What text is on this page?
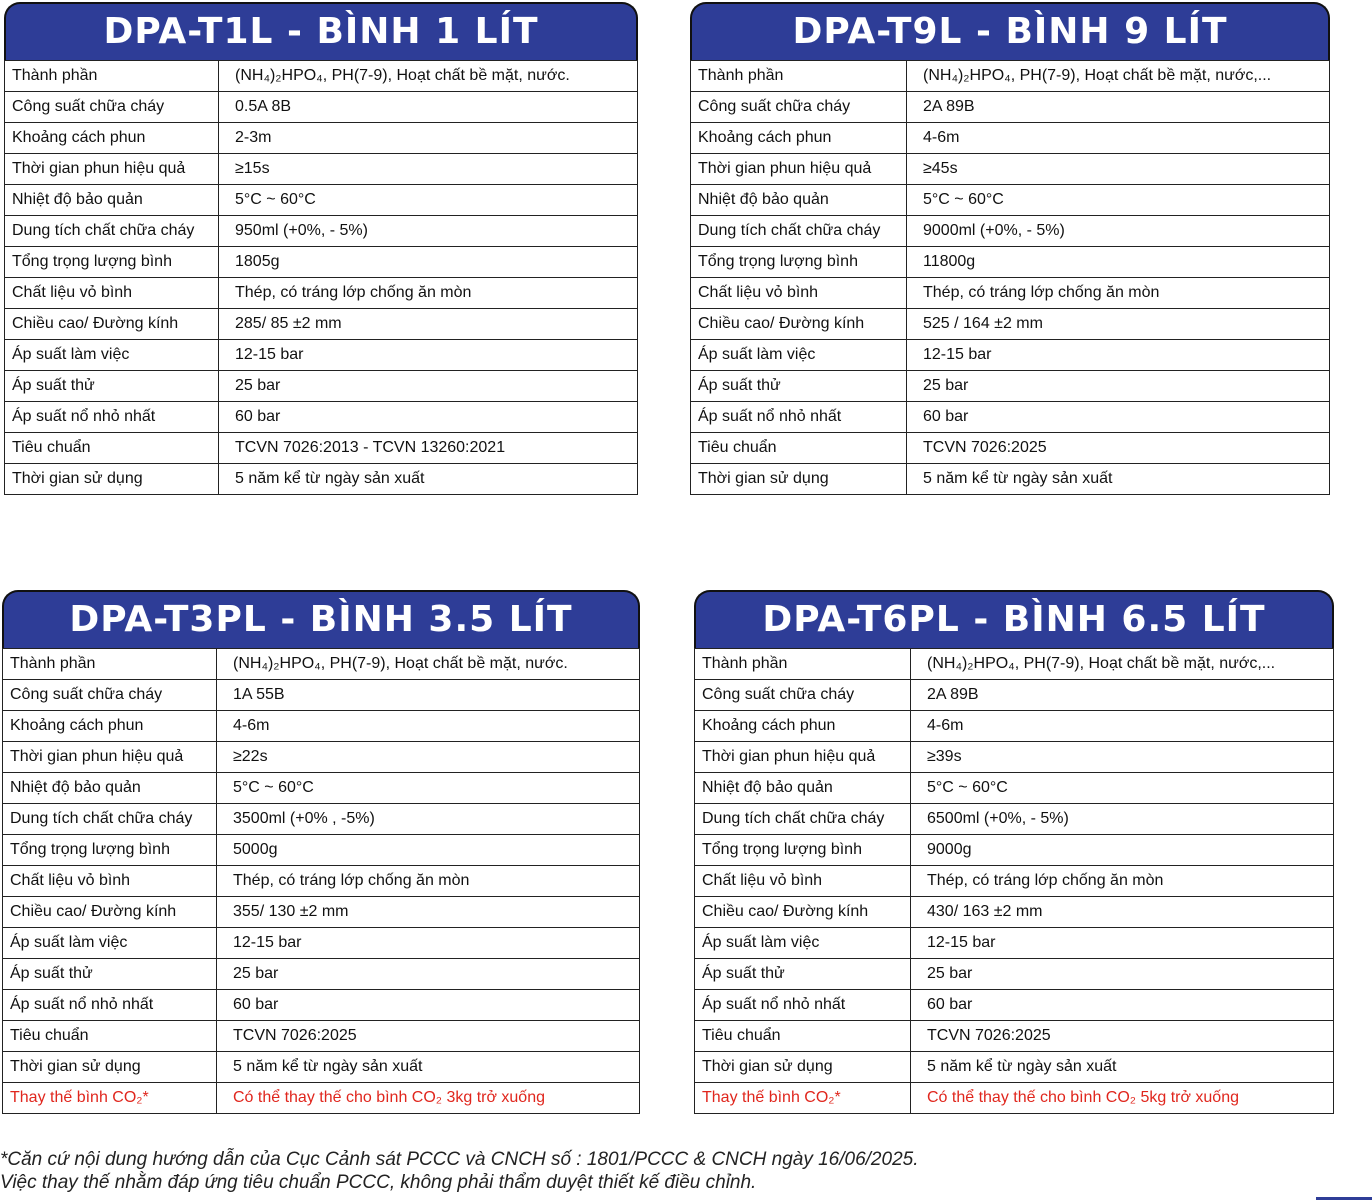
DPA-T1L - BÌNH 1 LÍT
Thành phần	(NH₄)₂HPO₄, PH(7-9), Hoạt chất bề mặt, nước.
Công suất chữa cháy	0.5A 8B
Khoảng cách phun	2-3m
Thời gian phun hiệu quả	≥15s
Nhiệt độ bảo quản	5°C ~ 60°C
Dung tích chất chữa cháy	950ml (+0%, - 5%)
Tổng trọng lượng bình	1805g
Chất liệu vỏ bình	Thép, có tráng lớp chống ăn mòn
Chiều cao/ Đường kính	285/ 85 ±2 mm
Áp suất làm việc	12-15 bar
Áp suất thử	25 bar
Áp suất nổ nhỏ nhất	60 bar
Tiêu chuẩn	TCVN 7026:2013 - TCVN 13260:2021
Thời gian sử dụng	5 năm kể từ ngày sản xuất
DPA-T9L - BÌNH 9 LÍT
Thành phần	(NH₄)₂HPO₄, PH(7-9), Hoạt chất bề mặt, nước,...
Công suất chữa cháy	2A 89B
Khoảng cách phun	4-6m
Thời gian phun hiệu quả	≥45s
Nhiệt độ bảo quản	5°C ~ 60°C
Dung tích chất chữa cháy	9000ml (+0%, - 5%)
Tổng trọng lượng bình	11800g
Chất liệu vỏ bình	Thép, có tráng lớp chống ăn mòn
Chiều cao/ Đường kính	525 / 164 ±2 mm
Áp suất làm việc	12-15 bar
Áp suất thử	25 bar
Áp suất nổ nhỏ nhất	60 bar
Tiêu chuẩn	TCVN 7026:2025
Thời gian sử dụng	5 năm kể từ ngày sản xuất
DPA-T3PL - BÌNH 3.5 LÍT
Thành phần	(NH₄)₂HPO₄, PH(7-9), Hoạt chất bề mặt, nước.
Công suất chữa cháy	1A 55B
Khoảng cách phun	4-6m
Thời gian phun hiệu quả	≥22s
Nhiệt độ bảo quản	5°C ~ 60°C
Dung tích chất chữa cháy	3500ml (+0% , -5%)
Tổng trọng lượng bình	5000g
Chất liệu vỏ bình	Thép, có tráng lớp chống ăn mòn
Chiều cao/ Đường kính	355/ 130 ±2 mm
Áp suất làm việc	12-15 bar
Áp suất thử	25 bar
Áp suất nổ nhỏ nhất	60 bar
Tiêu chuẩn	TCVN 7026:2025
Thời gian sử dụng	5 năm kể từ ngày sản xuất
Thay thế bình CO₂*	Có thể thay thế cho bình CO₂ 3kg trở xuống
DPA-T6PL - BÌNH 6.5 LÍT
Thành phần	(NH₄)₂HPO₄, PH(7-9), Hoạt chất bề mặt, nước,...
Công suất chữa cháy	2A 89B
Khoảng cách phun	4-6m
Thời gian phun hiệu quả	≥39s
Nhiệt độ bảo quản	5°C ~ 60°C
Dung tích chất chữa cháy	6500ml (+0%, - 5%)
Tổng trọng lượng bình	9000g
Chất liệu vỏ bình	Thép, có tráng lớp chống ăn mòn
Chiều cao/ Đường kính	430/ 163 ±2 mm
Áp suất làm việc	12-15 bar
Áp suất thử	25 bar
Áp suất nổ nhỏ nhất	60 bar
Tiêu chuẩn	TCVN 7026:2025
Thời gian sử dụng	5 năm kể từ ngày sản xuất
Thay thế bình CO₂*	Có thể thay thế cho bình CO₂ 5kg trở xuống
*Căn cứ nội dung hướng dẫn của Cục Cảnh sát PCCC và CNCH số : 1801/PCCC & CNCH ngày 16/06/2025.
Việc thay thế nhằm đáp ứng tiêu chuẩn PCCC, không phải thẩm duyệt thiết kế điều chỉnh.
